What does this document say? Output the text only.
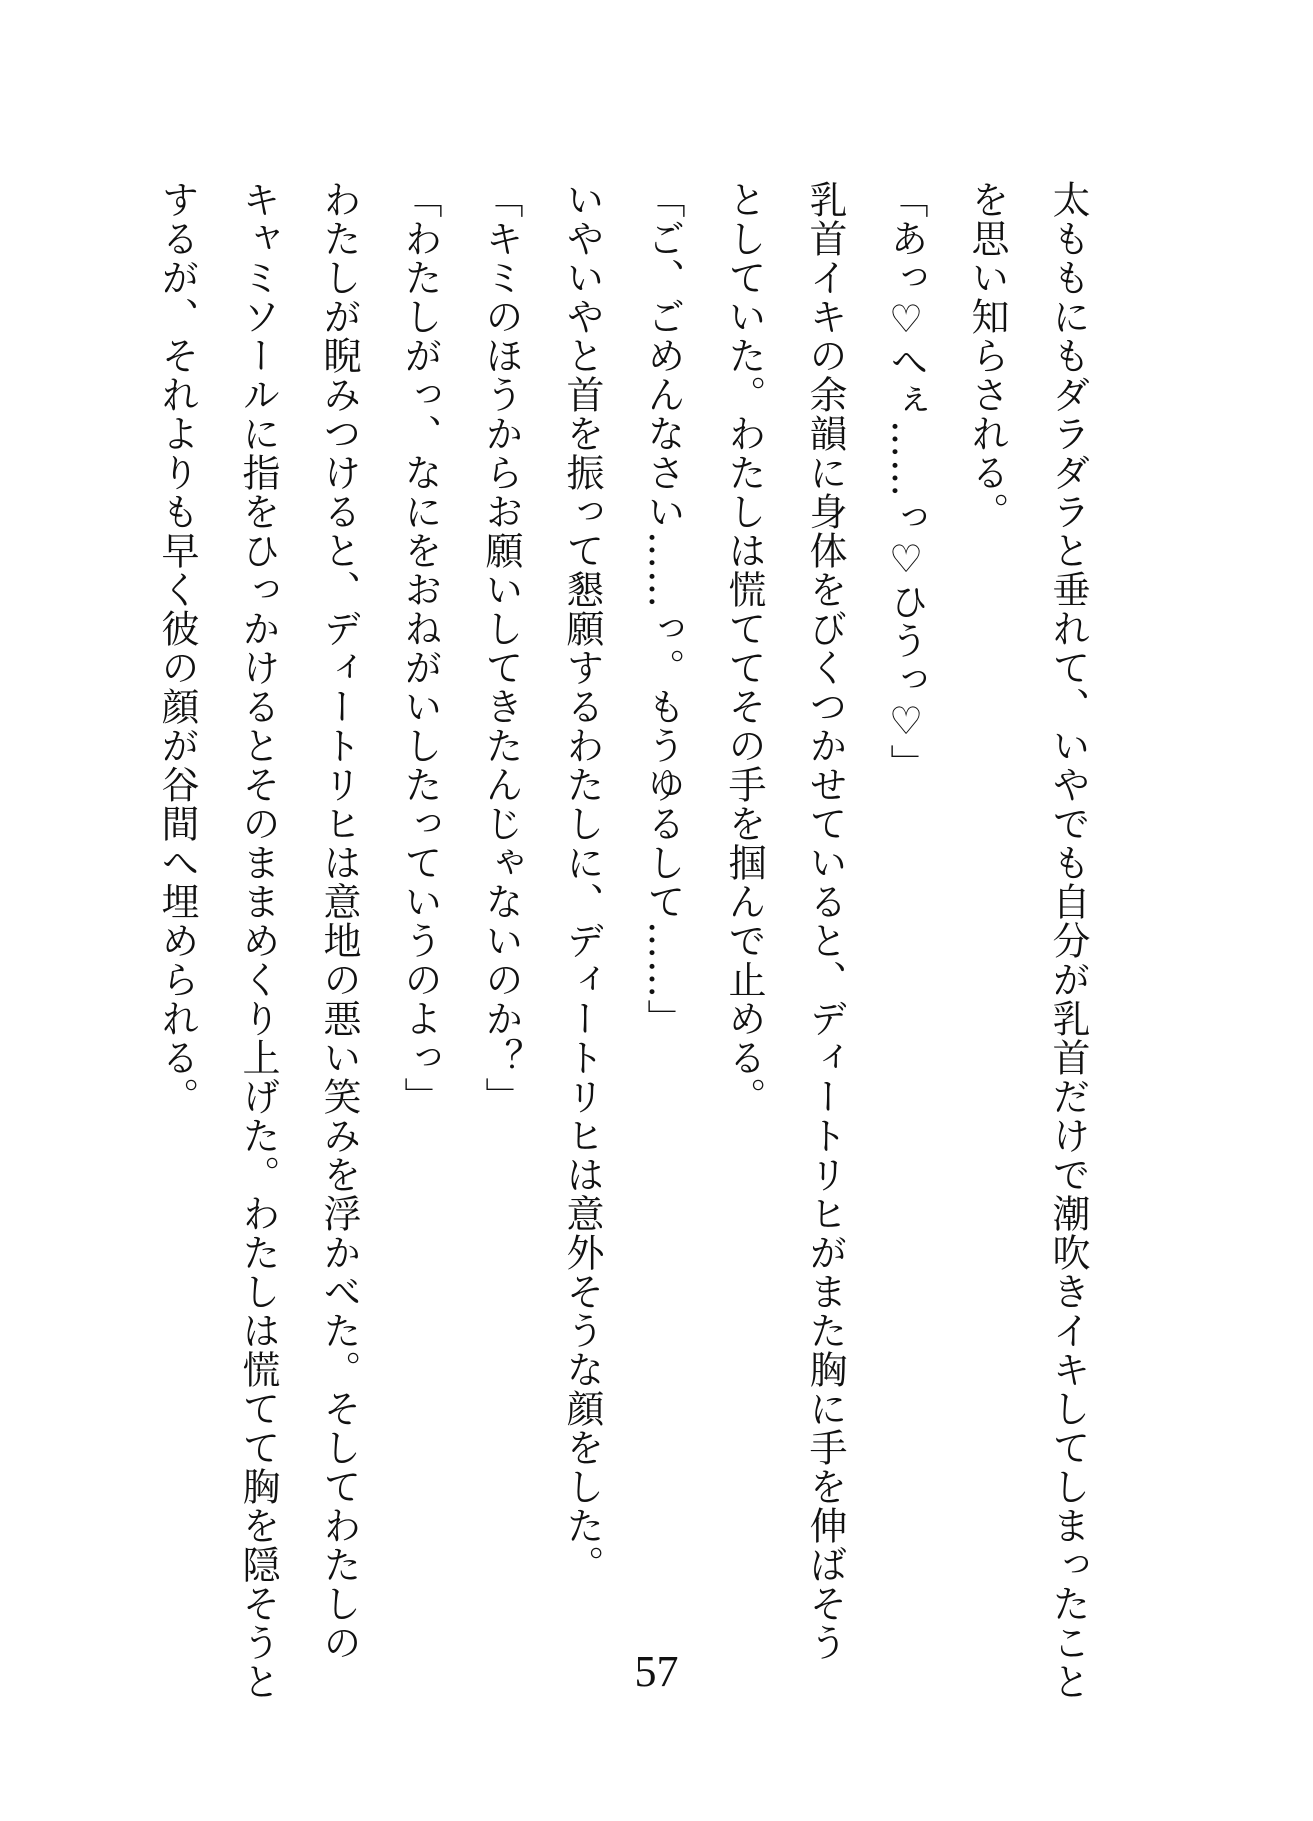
太ももにもダラダラと垂れて、いやでも自分が乳首だけで潮吹きイキしてしまったこと
を思い知らされる。
「あっ♡へぇ……っ♡ひうっ♡」
乳首イキの余韻に身体をびくつかせていると、ディートリヒがまた胸に手を伸ばそう
としていた。わたしは慌ててその手を掴んで止める。
「ご、ごめんなさい……っ。もうゆるして……」
いやいやと首を振って懇願するわたしに、ディートリヒは意外そうな顔をした。
「キミのほうからお願いしてきたんじゃないのか？」
「わたしがっ、なにをおねがいしたっていうのよっ」
わたしが睨みつけると、ディートリヒは意地の悪い笑みを浮かべた。そしてわたしの
キャミソールに指をひっかけるとそのままめくり上げた。わたしは慌てて胸を隠そうと
するが、それよりも早く彼の顔が谷間へ埋められる。
57
